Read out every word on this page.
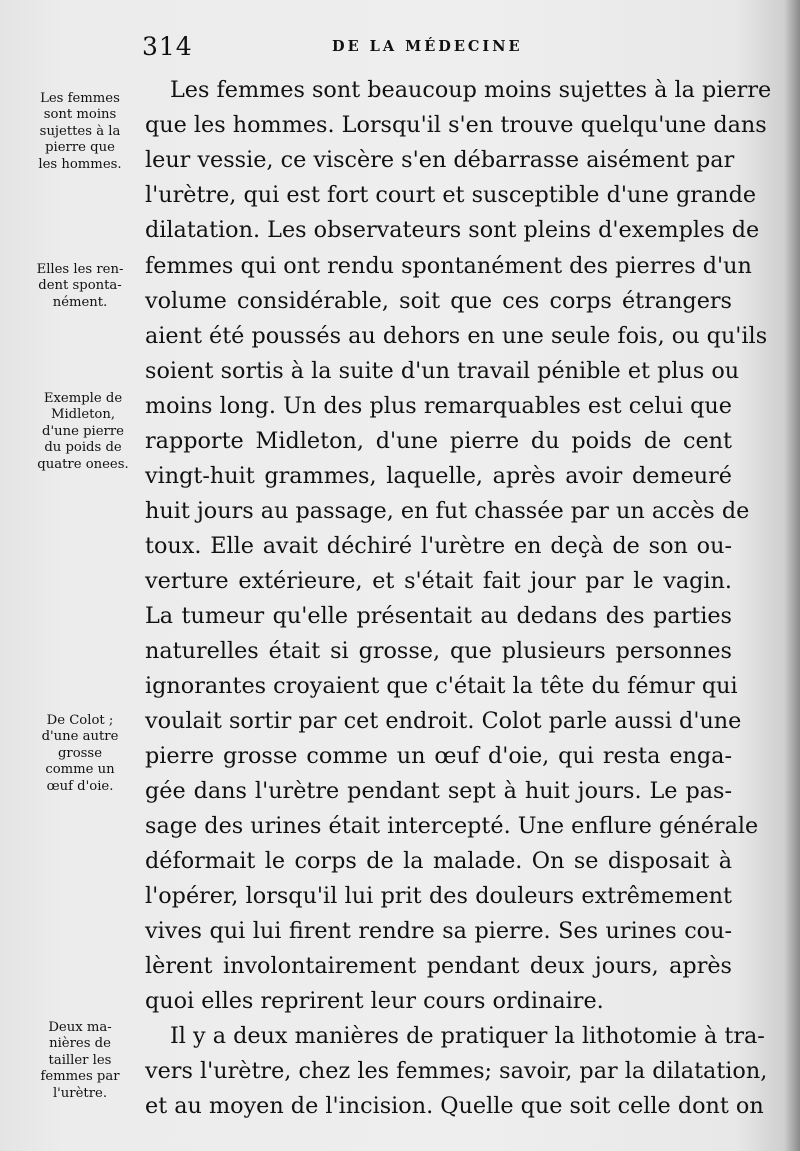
314	DE LA MÉDECINE
Les femmes
sont moins
sujettes à la
pierre que
les hommes.
Elles les ren-
dent sponta-
nément.
Exemple de
Midleton,
d'une pierre
du poids de
quatre onees.
De Colot ;
d'une autre
grosse
comme un
œuf d'oie.
Deux ma-
nières de
tailler les
femmes par
l'urètre.
Les femmes sont beaucoup moins sujettes à la pierre
que les hommes. Lorsqu'il s'en trouve quelqu'une dans
leur vessie, ce viscère s'en débarrasse aisément par
l'urètre, qui est fort court et susceptible d'une grande
dilatation. Les observateurs sont pleins d'exemples de
femmes qui ont rendu spontanément des pierres d'un
volume considérable, soit que ces corps étrangers
aient été poussés au dehors en une seule fois, ou qu'ils
soient sortis à la suite d'un travail pénible et plus ou
moins long. Un des plus remarquables est celui que
rapporte Midleton, d'une pierre du poids de cent
vingt-huit grammes, laquelle, après avoir demeuré
huit jours au passage, en fut chassée par un accès de
toux. Elle avait déchiré l'urètre en deçà de son ou-
verture extérieure, et s'était fait jour par le vagin.
La tumeur qu'elle présentait au dedans des parties
naturelles était si grosse, que plusieurs personnes
ignorantes croyaient que c'était la tête du fémur qui
voulait sortir par cet endroit. Colot parle aussi d'une
pierre grosse comme un œuf d'oie, qui resta enga-
gée dans l'urètre pendant sept à huit jours. Le pas-
sage des urines était intercepté. Une enflure générale
déformait le corps de la malade. On se disposait à
l'opérer, lorsqu'il lui prit des douleurs extrêmement
vives qui lui firent rendre sa pierre. Ses urines cou-
lèrent involontairement pendant deux jours, après
quoi elles reprirent leur cours ordinaire.
Il y a deux manières de pratiquer la lithotomie à tra-
vers l'urètre, chez les femmes; savoir, par la dilatation,
et au moyen de l'incision. Quelle que soit celle dont on
